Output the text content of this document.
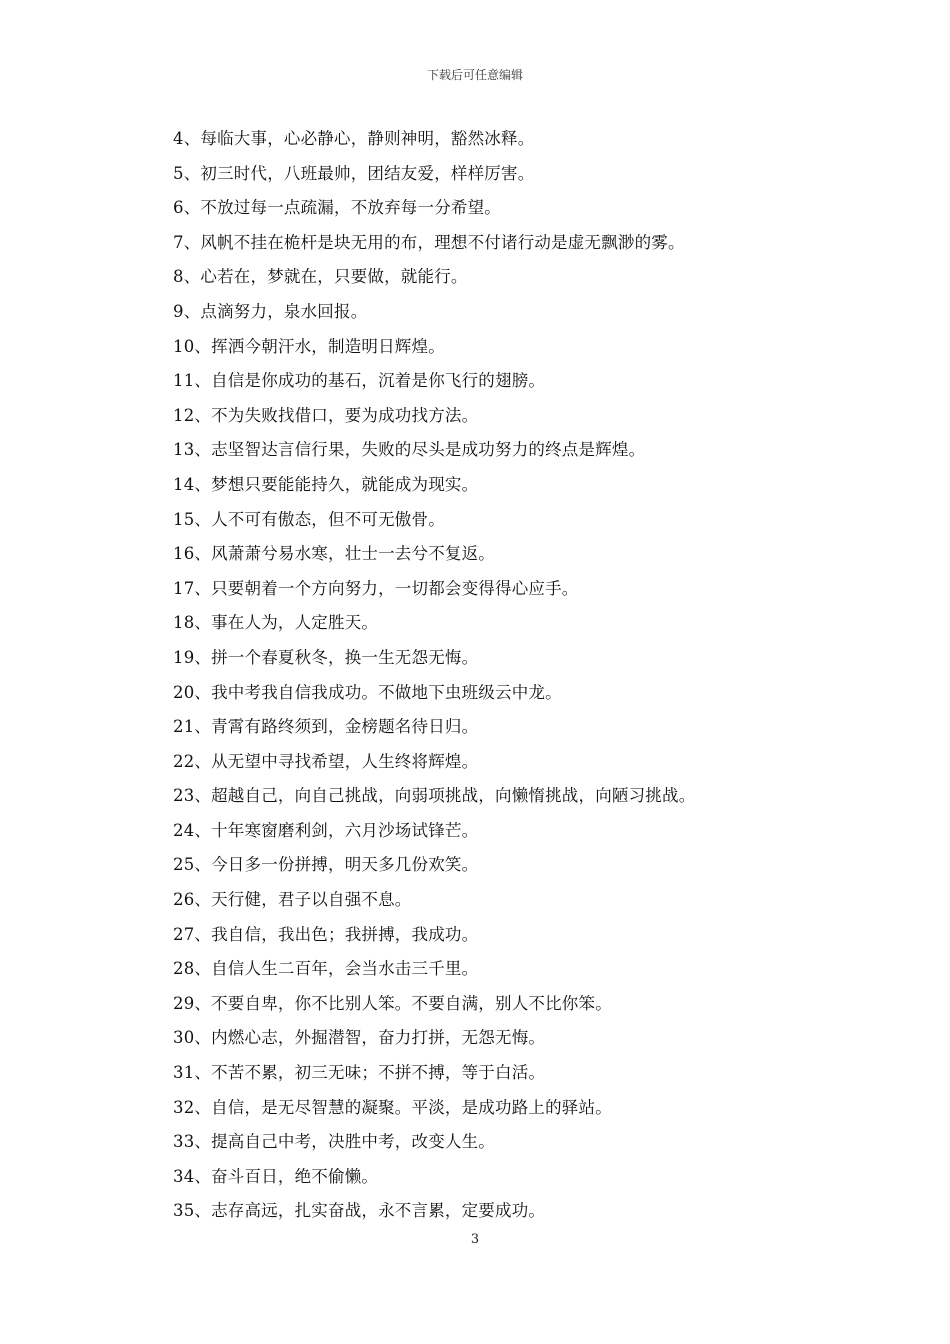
下载后可任意编辑
4、每临大事，心必静心，静则神明，豁然冰释。
5、初三时代，八班最帅，团结友爱，样样厉害。
6、不放过每一点疏漏，不放弃每一分希望。
7、风帆不挂在桅杆是块无用的布，理想不付诸行动是虚无飘渺的雾。
8、心若在，梦就在，只要做，就能行。
9、点滴努力，泉水回报。
10、挥洒今朝汗水，制造明日辉煌。
11、自信是你成功的基石，沉着是你飞行的翅膀。
12、不为失败找借口，要为成功找方法。
13、志坚智达言信行果，失败的尽头是成功努力的终点是辉煌。
14、梦想只要能能持久，就能成为现实。
15、人不可有傲态，但不可无傲骨。
16、风萧萧兮易水寒，壮士一去兮不复返。
17、只要朝着一个方向努力，一切都会变得得心应手。
18、事在人为，人定胜天。
19、拼一个春夏秋冬，换一生无怨无悔。
20、我中考我自信我成功。不做地下虫班级云中龙。
21、青霄有路终须到，金榜题名待日归。
22、从无望中寻找希望，人生终将辉煌。
23、超越自己，向自己挑战，向弱项挑战，向懒惰挑战，向陋习挑战。
24、十年寒窗磨利剑，六月沙场试锋芒。
25、今日多一份拼搏，明天多几份欢笑。
26、天行健，君子以自强不息。
27、我自信，我出色；我拼搏，我成功。
28、自信人生二百年，会当水击三千里。
29、不要自卑，你不比别人笨。不要自满，别人不比你笨。
30、内燃心志，外掘潜智，奋力打拼，无怨无悔。
31、不苦不累，初三无味；不拼不搏，等于白活。
32、自信，是无尽智慧的凝聚。平淡，是成功路上的驿站。
33、提高自己中考，决胜中考，改变人生。
34、奋斗百日，绝不偷懒。
35、志存高远，扎实奋战，永不言累，定要成功。
3
